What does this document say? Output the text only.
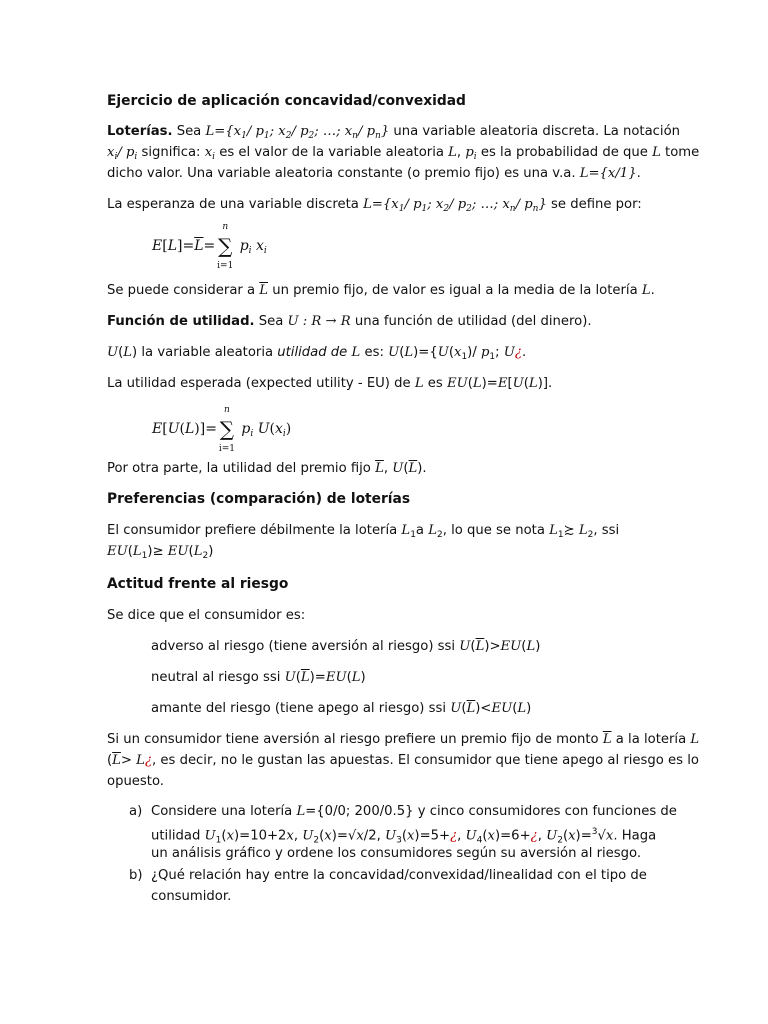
Ejercicio de aplicación concavidad/convexidad
Loterías. Sea $L=\{x_1/$ $p_1$; $x_2/$ $p_2$; …; $x_n/$ $p_n$} una variable aleatoria discreta. La notación
$x_i/$ $p_i$ significa: $x_i$ es el valor de la variable aleatoria L, $p_i$ es la probabilidad de que L tome
dicho valor. Una variable aleatoria constante (o premio fijo) es una v.a. L={x/1}.
La esperanza de una variable discreta $L=\{x_1/$ $p_1$; $x_2/$ $p_2$; …; $x_n/$ $p_n$} se define por:
$E[L]=\overline{L}=$
n
∑
i=1
$p_i$ $x_i$
Se puede considerar a $\overline{L}$ un premio fijo, de valor es igual a la media de la lotería L.
Función de utilidad. Sea U : R → R una función de utilidad (del dinero).
U(L) la variable aleatoria utilidad de L es: $U(L)=\{U(x_1)/$ $p_1$; U¿.
La utilidad esperada (expected utility - EU) de L es EU(L)=E[U(L)].
E[U(L)]=
n
∑
i=1
$p_i$ $U(x_i)$
Por otra parte, la utilidad del premio fijo $\overline{L}$, $U(\overline{L})$.
Preferencias (comparación) de loterías
El consumidor prefiere débilmente la lotería $L_1a$ $L_2$, lo que se nota $L_1≿$ $L_2$, ssi
$EU(L_1)\ge EU(L_2)$
Actitud frente al riesgo
Se dice que el consumidor es:
adverso al riesgo (tiene aversión al riesgo) ssi $U(\overline{L})>EU(L)$
neutral al riesgo ssi $U(\overline{L})=EU(L)$
amante del riesgo (tiene apego al riesgo) ssi $U(\overline{L})<EU(L)$
Si un consumidor tiene aversión al riesgo prefiere un premio fijo de monto $\overline{L}$ a la lotería L
($\overline{L}>$ L¿, es decir, no le gustan las apuestas. El consumidor que tiene apego al riesgo es lo
opuesto.
a) Considere una lotería L={0/0; 200/0.5} y cinco consumidores con funciones de
utilidad $U_1(x)=10+2x$, $U_2(x)=√x/2$, $U_3(x)=5+¿$, $U_4(x)=6+¿$, $U_2(x)=^3√x$. Haga
un análisis gráfico y ordene los consumidores según su aversión al riesgo.
b) ¿Qué relación hay entre la concavidad/convexidad/linealidad con el tipo de
consumidor.
